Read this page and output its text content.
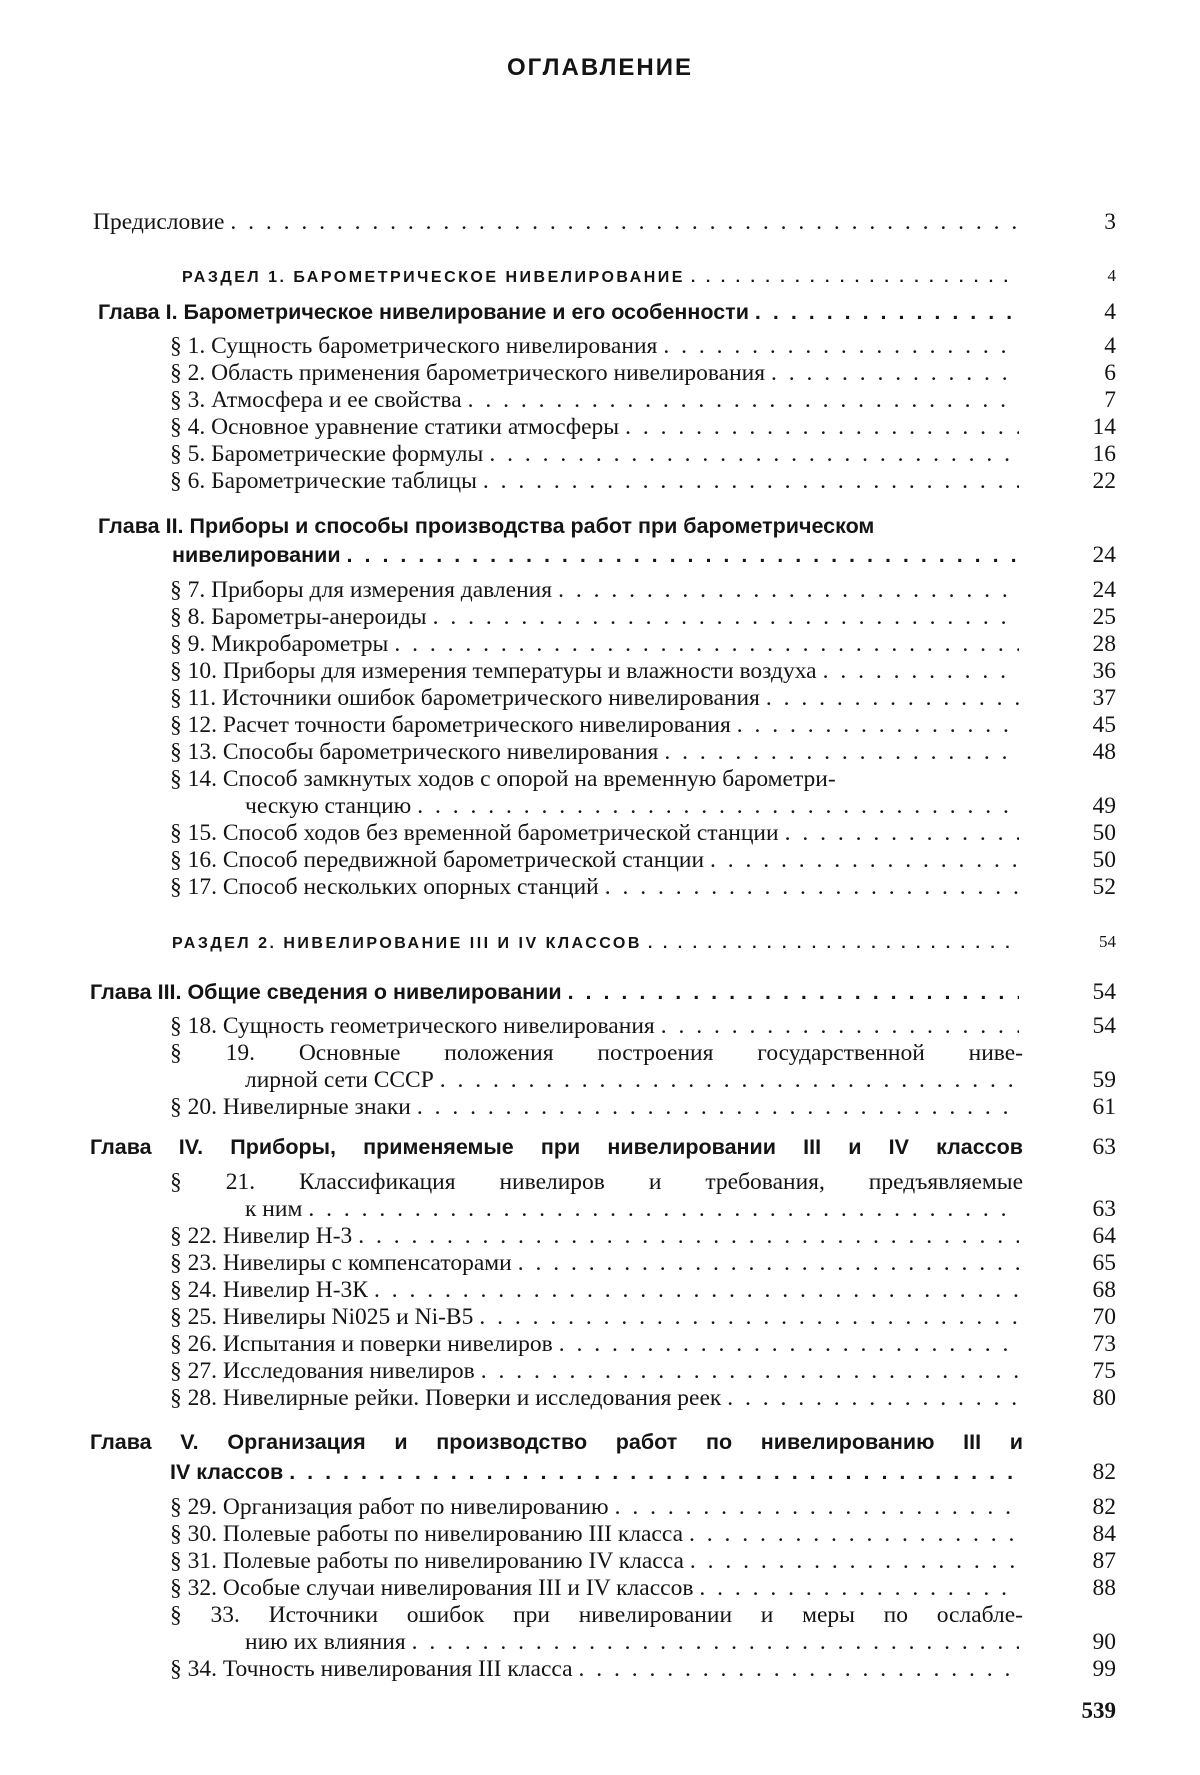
ОГЛАВЛЕНИЕ
Предисловие . . .	3
РАЗДЕЛ 1. БАРОМЕТРИЧЕСКОЕ НИВЕЛИРОВАНИЕ . . .	4
Глава I. Барометрическое нивелирование и его особенности . . .	4
§ 1. Сущность барометрического нивелирования . . .	4
§ 2. Область применения барометрического нивелирования . . .	6
§ 3. Атмосфера и ее свойства . . .	7
§ 4. Основное уравнение статики атмосферы . . .	14
§ 5. Барометрические формулы . . .	16
§ 6. Барометрические таблицы . . .	22
Глава II. Приборы и способы производства работ при барометрическом
нивелировании . . .	24
§ 7. Приборы для измерения давления . . .	24
§ 8. Барометры-анероиды . . .	25
§ 9. Микробарометры . . .	28
§ 10. Приборы для измерения температуры и влажности воздуха . . .	36
§ 11. Источники ошибок барометрического нивелирования . . .	37
§ 12. Расчет точности барометрического нивелирования . . .	45
§ 13. Способы барометрического нивелирования . . .	48
§ 14. Способ замкнутых ходов с опорой на временную барометри-
ческую станцию . . .	49
§ 15. Способ ходов без временной барометрической станции . . .	50
§ 16. Способ передвижной барометрической станции . . .	50
§ 17. Способ нескольких опорных станций . . .	52
РАЗДЕЛ 2. НИВЕЛИРОВАНИЕ III И IV КЛАССОВ . . .	54
Глава III. Общие сведения о нивелировании . . .	54
§ 18. Сущность геометрического нивелирования . . .	54
§ 19. Основные положения построения государственной ниве-
лирной сети СССР . . .	59
§ 20. Нивелирные знаки . . .	61
Глава IV. Приборы, применяемые при нивелировании III и IV классов	63
§ 21. Классификация нивелиров и требования, предъявляемые
к ним . . .	63
§ 22. Нивелир Н-3 . . .	64
§ 23. Нивелиры с компенсаторами . . .	65
§ 24. Нивелир Н-3К . . .	68
§ 25. Нивелиры Ni025 и Ni-B5 . . .	70
§ 26. Испытания и поверки нивелиров . . .	73
§ 27. Исследования нивелиров . . .	75
§ 28. Нивелирные рейки. Поверки и исследования реек . . .	80
Глава V. Организация и производство работ по нивелированию III и
IV классов . . .	82
§ 29. Организация работ по нивелированию . . .	82
§ 30. Полевые работы по нивелированию III класса . . .	84
§ 31. Полевые работы по нивелированию IV класса . . .	87
§ 32. Особые случаи нивелирования III и IV классов . . .	88
§ 33. Источники ошибок при нивелировании и меры по ослабле-
нию их влияния . . .	90
§ 34. Точность нивелирования III класса . . .	99
539
